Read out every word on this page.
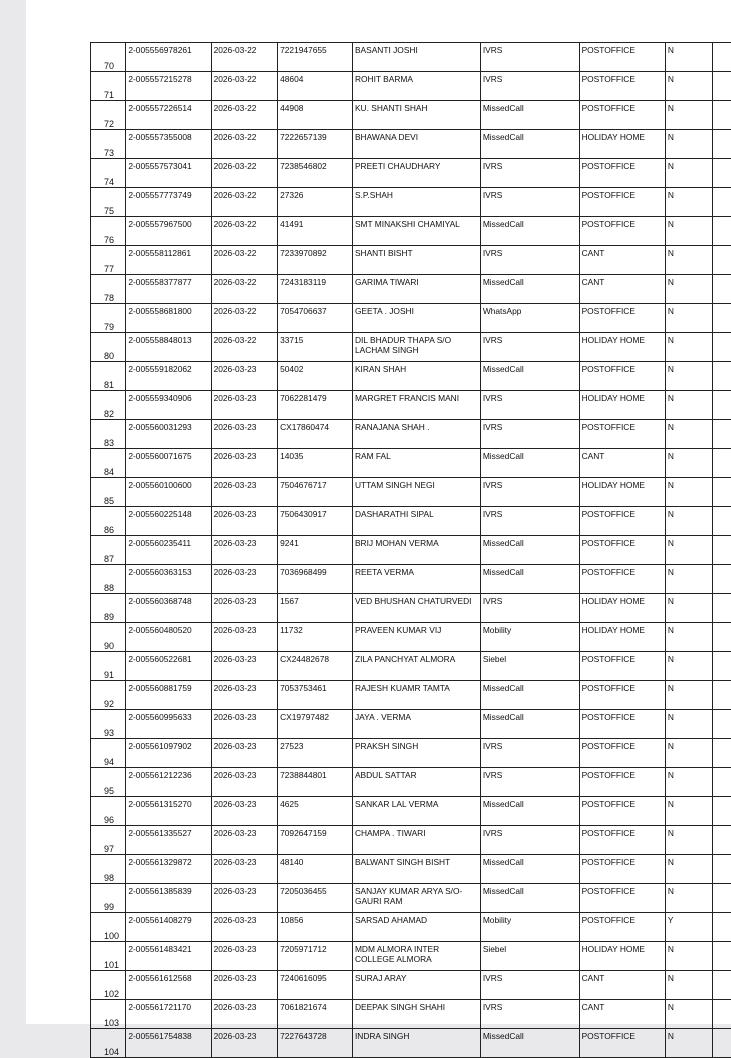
70	2-005556978261	2026-03-22	7221947655	BASANTI JOSHI	IVRS	POSTOFFICE	N	
71	2-005557215278	2026-03-22	48604	ROHIT BARMA	IVRS	POSTOFFICE	N	
72	2-005557226514	2026-03-22	44908	KU. SHANTI SHAH	MissedCall	POSTOFFICE	N	
73	2-005557355008	2026-03-22	7222657139	BHAWANA DEVI	MissedCall	HOLIDAY HOME	N	
74	2-005557573041	2026-03-22	7238546802	PREETI CHAUDHARY	IVRS	POSTOFFICE	N	
75	2-005557773749	2026-03-22	27326	S.P.SHAH	IVRS	POSTOFFICE	N	
76	2-005557967500	2026-03-22	41491	SMT MINAKSHI CHAMIYAL	MissedCall	POSTOFFICE	N	
77	2-005558112861	2026-03-22	7233970892	SHANTI BISHT	IVRS	CANT	N	
78	2-005558377877	2026-03-22	7243183119	GARIMA TIWARI	MissedCall	CANT	N	
79	2-005558681800	2026-03-22	7054706637	GEETA . JOSHI	WhatsApp	POSTOFFICE	N	
80	2-005558848013	2026-03-22	33715	DIL BHADUR THAPA S/O LACHAM SINGH	IVRS	HOLIDAY HOME	N	
81	2-005559182062	2026-03-23	50402	KIRAN SHAH	MissedCall	POSTOFFICE	N	
82	2-005559340906	2026-03-23	7062281479	MARGRET FRANCIS MANI	IVRS	HOLIDAY HOME	N	
83	2-005560031293	2026-03-23	CX17860474	RANAJANA SHAH .	IVRS	POSTOFFICE	N	
84	2-005560071675	2026-03-23	14035	RAM FAL	MissedCall	CANT	N	
85	2-005560100600	2026-03-23	7504676717	UTTAM SINGH NEGI	IVRS	HOLIDAY HOME	N	
86	2-005560225148	2026-03-23	7506430917	DASHARATHI SIPAL	IVRS	POSTOFFICE	N	
87	2-005560235411	2026-03-23	9241	BRIJ MOHAN VERMA	MissedCall	POSTOFFICE	N	
88	2-005560363153	2026-03-23	7036968499	REETA VERMA	MissedCall	POSTOFFICE	N	
89	2-005560368748	2026-03-23	1567	VED BHUSHAN CHATURVEDI	IVRS	HOLIDAY HOME	N	
90	2-005560480520	2026-03-23	11732	PRAVEEN KUMAR VIJ	Mobility	HOLIDAY HOME	N	
91	2-005560522681	2026-03-23	CX24482678	ZILA PANCHYAT ALMORA	Siebel	POSTOFFICE	N	
92	2-005560881759	2026-03-23	7053753461	RAJESH KUAMR TAMTA	MissedCall	POSTOFFICE	N	
93	2-005560995633	2026-03-23	CX19797482	JAYA . VERMA	MissedCall	POSTOFFICE	N	
94	2-005561097902	2026-03-23	27523	PRAKSH SINGH	IVRS	POSTOFFICE	N	
95	2-005561212236	2026-03-23	7238844801	ABDUL SATTAR	IVRS	POSTOFFICE	N	
96	2-005561315270	2026-03-23	4625	SANKAR LAL VERMA	MissedCall	POSTOFFICE	N	
97	2-005561335527	2026-03-23	7092647159	CHAMPA . TIWARI	IVRS	POSTOFFICE	N	
98	2-005561329872	2026-03-23	48140	BALWANT SINGH BISHT	MissedCall	POSTOFFICE	N	
99	2-005561385839	2026-03-23	7205036455	SANJAY KUMAR ARYA S/O- GAURI RAM	MissedCall	POSTOFFICE	N	
100	2-005561408279	2026-03-23	10856	SARSAD AHAMAD	Mobility	POSTOFFICE	Y	
101	2-005561483421	2026-03-23	7205971712	MDM ALMORA INTER COLLEGE ALMORA	Siebel	HOLIDAY HOME	N	
102	2-005561612568	2026-03-23	7240616095	SURAJ ARAY	IVRS	CANT	N	
103	2-005561721170	2026-03-23	7061821674	DEEPAK SINGH SHAHI	IVRS	CANT	N	
104	2-005561754838	2026-03-23	7227643728	INDRA SINGH	MissedCall	POSTOFFICE	N	
